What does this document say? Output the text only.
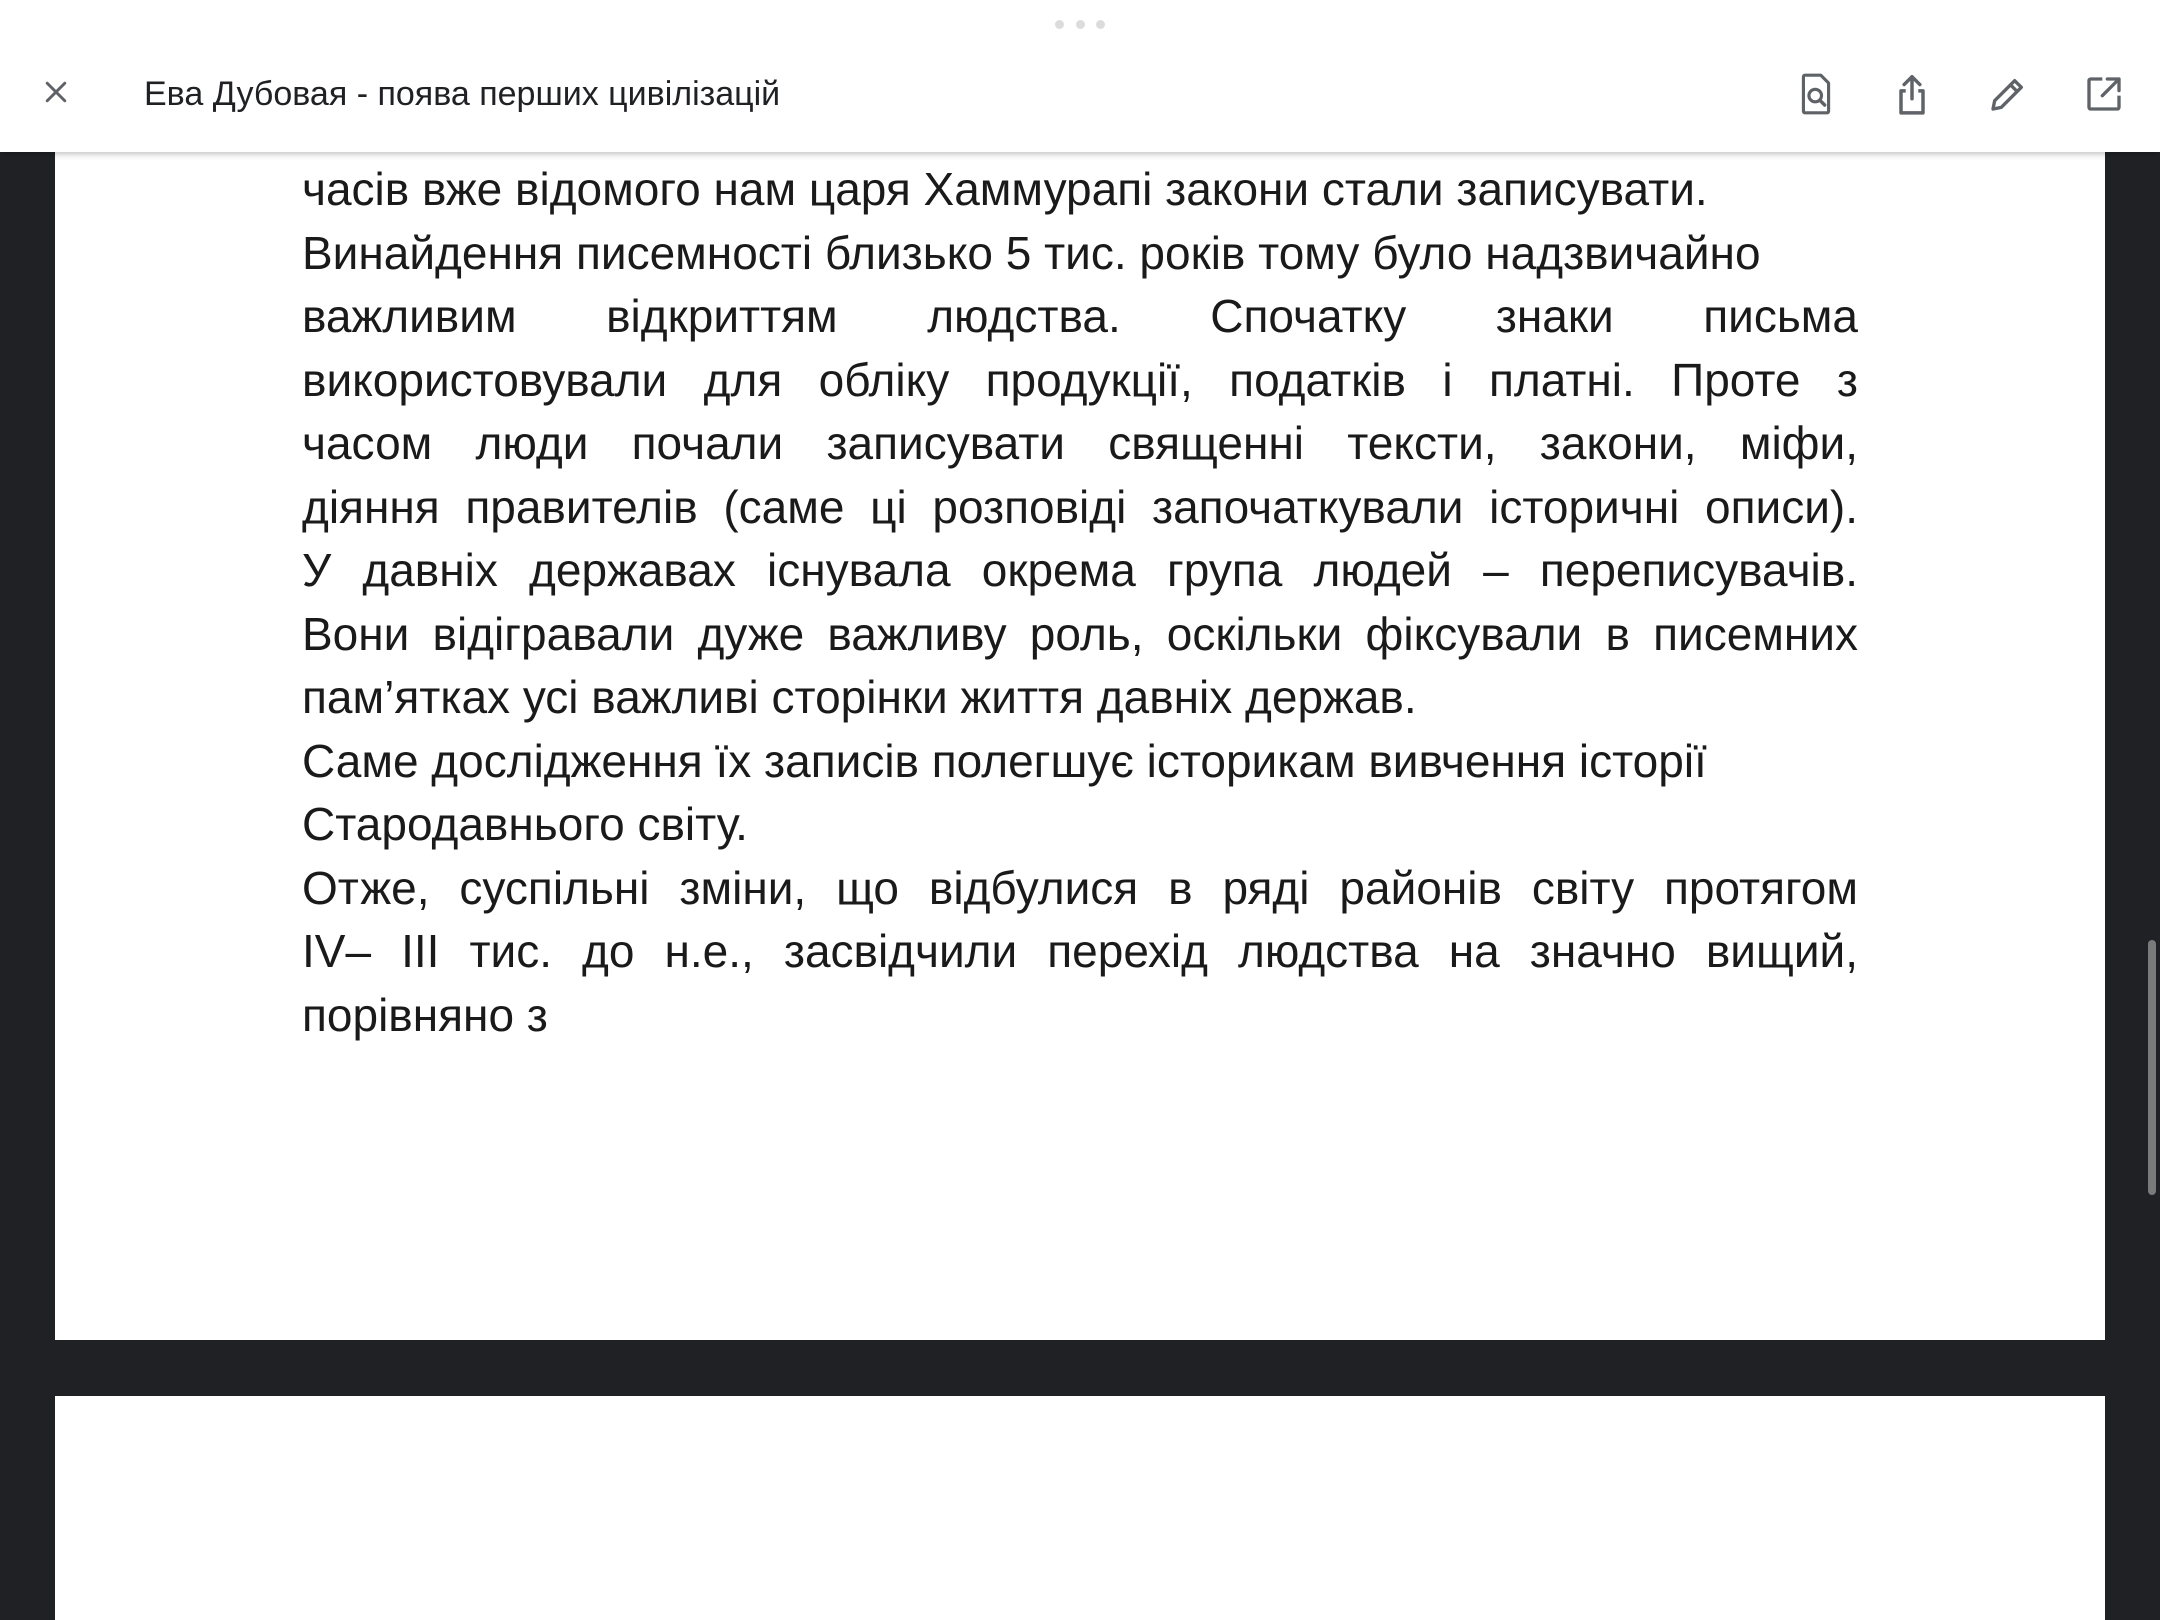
часів вже відомого нам царя Хаммурапі закони стали записувати.

Винайдення писемності близько 5 тис. років тому було надзвичайно

важливим відкриттям людства. Спочатку знаки письма

використовували для обліку продукції, податків і платні. Проте з

часом люди почали записувати священні тексти, закони, міфи,

діяння правителів (саме ці розповіді започаткували історичні описи).

У давніх державах існувала окрема група людей – переписувачів.

Вони відігравали дуже важливу роль, оскільки фіксували в писемних

пам’ятках усі важливі сторінки життя давніх держав.

Саме дослідження їх записів полегшує історикам вивчення історії

Стародавнього світу.

Отже, суспільні зміни, що відбулися в ряді районів світу протягом

IV– III тис. до н.е., засвідчили перехід людства на значно вищий,

порівняно з

Ева Дубовая - поява перших цивілізацій
